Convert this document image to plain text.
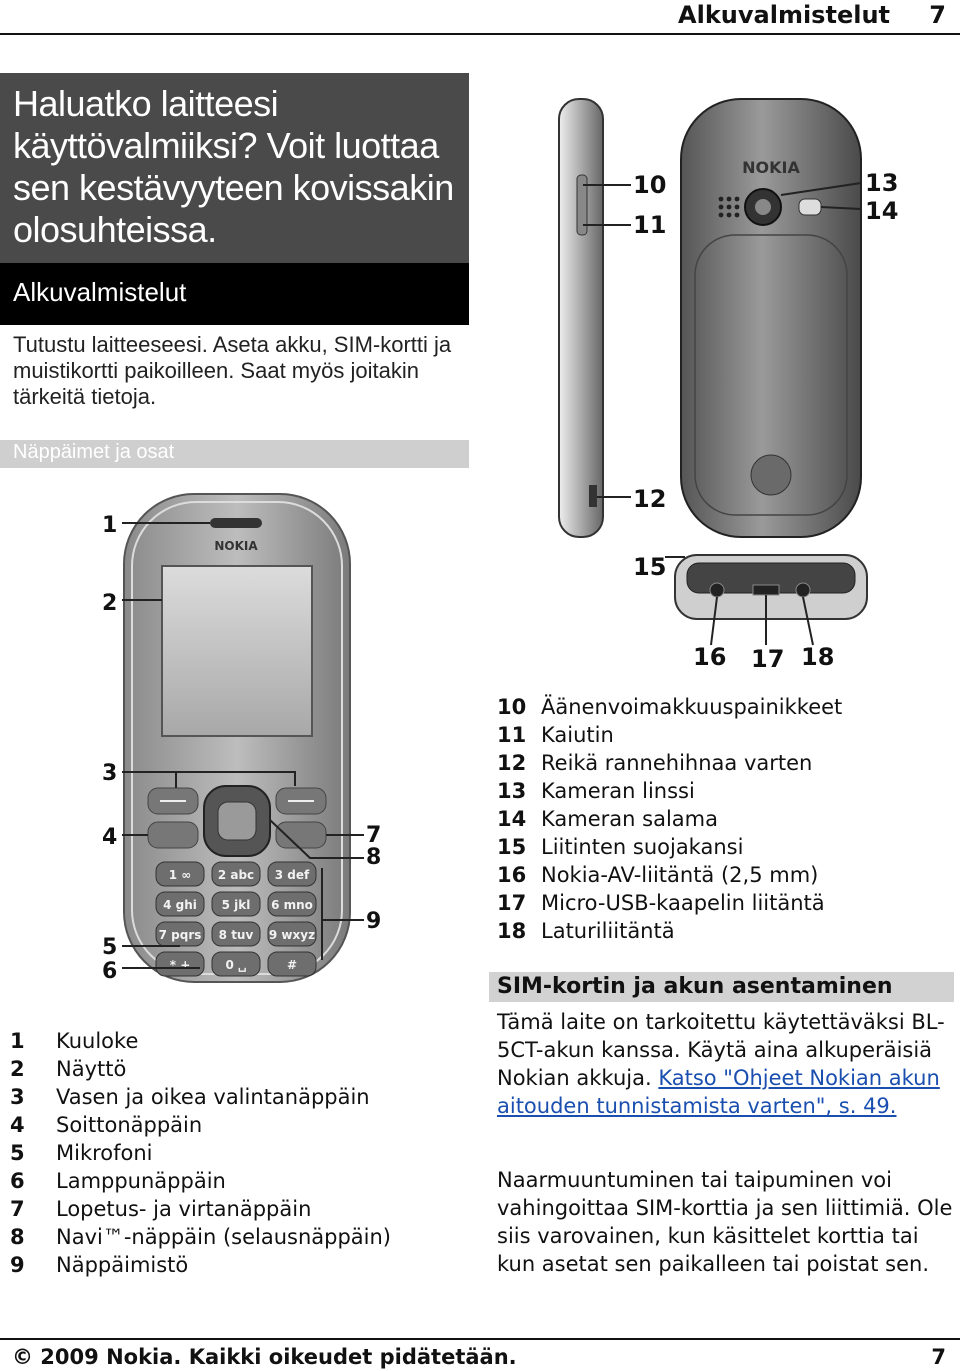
Alkuvalmistelut 7
Haluatko laitteesi käyttövalmiiksi? Voit luottaa sen kestävyyteen kovissakin olosuhteissa.
Alkuvalmistelut
Tutustu laitteeseesi. Aseta akku, SIM-kortti ja muistikortti paikoilleen. Saat myös joitakin tärkeitä tietoja.
Näppäimet ja osat
NOKIA
1 ∞ 2 abc 3 def
4 ghi 5 jkl 6 mno
7 pqrs 8 tuv 9 wxyz
* +	0 ␣	#
1
2
3
4
5
6
7
8
9
NOKIA
10
11
12
13
14
15
16 17 18
1	Kuuloke
2	Näyttö
3	Vasen ja oikea valintanäppäin
4	Soittonäppäin
5	Mikrofoni
6	Lamppunäppäin
7	Lopetus- ja virtanäppäin
8	Navi™-näppäin (selausnäppäin)
9	Näppäimistö
10 Äänenvoimakkuuspainikkeet
11 Kaiutin
12 Reikä rannehihnaa varten
13 Kameran linssi
14 Kameran salama
15 Liitinten suojakansi
16 Nokia-AV-liitäntä (2,5 mm)
17 Micro-USB-kaapelin liitäntä
18 Laturiliitäntä
SIM-kortin ja akun asentaminen
Tämä laite on tarkoitettu käytettäväksi BL-5CT-akun kanssa. Käytä aina alkuperäisiä Nokian akkuja. Katso "Ohjeet Nokian akun aitouden tunnistamista varten", s. 49.
Naarmuuntuminen tai taipuminen voi vahingoittaa SIM-korttia ja sen liittimiä. Ole siis varovainen, kun käsittelet korttia tai kun asetat sen paikalleen tai poistat sen.
© 2009 Nokia. Kaikki oikeudet pidätetään.	7
